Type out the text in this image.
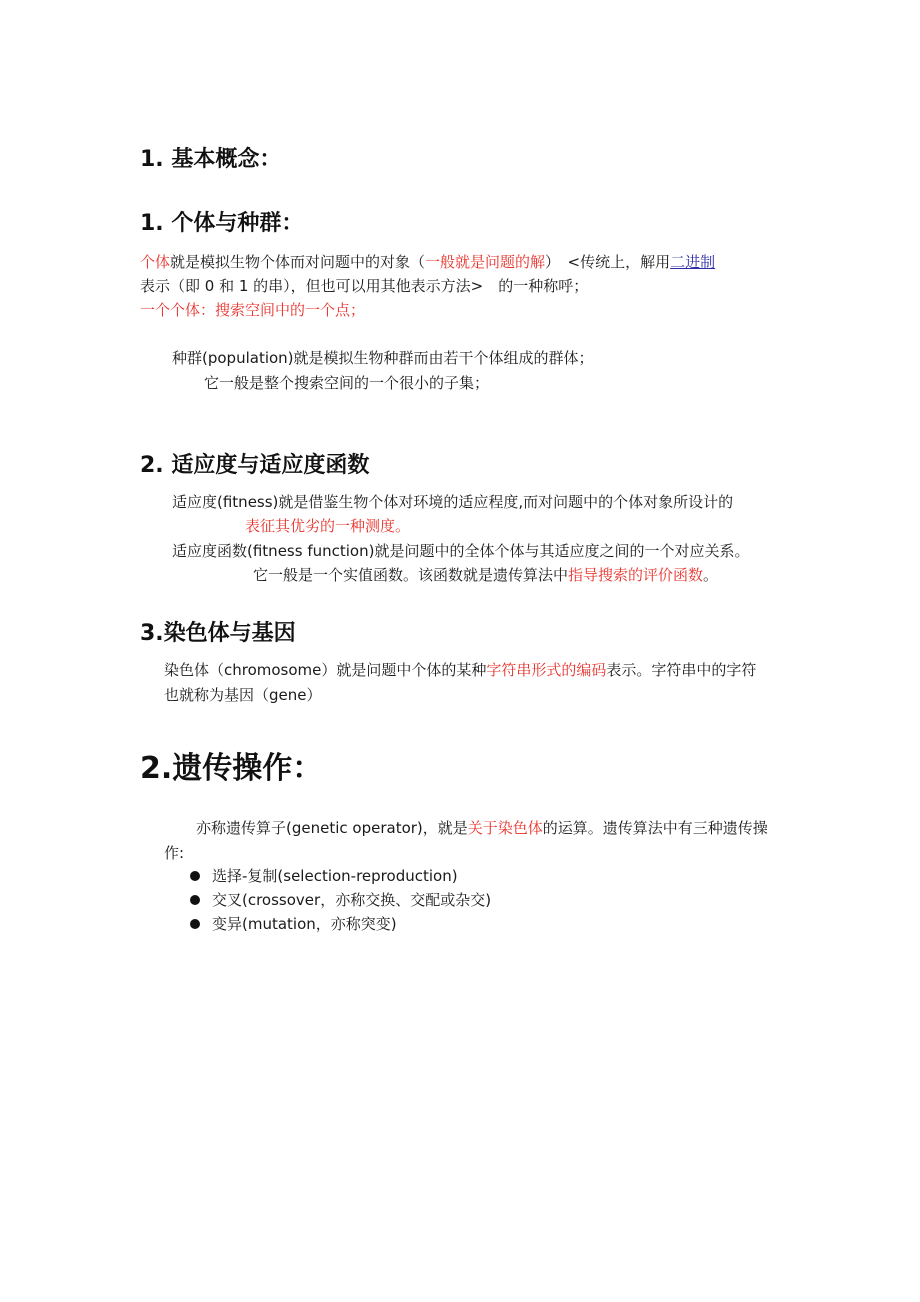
1. 基本概念：
1. 个体与种群：
个体就是模拟生物个体而对问题中的对象（一般就是问题的解）　<传统上，解用二进制
表示（即 0 和 1 的串），但也可以用其他表示方法>　的一种称呼；
一个个体：搜索空间中的一个点；
种群(population)就是模拟生物种群而由若干个体组成的群体；
它一般是整个搜索空间的一个很小的子集；
2. 适应度与适应度函数
适应度(fitness)就是借鉴生物个体对环境的适应程度,而对问题中的个体对象所设计的
表征其优劣的一种测度。
适应度函数(fitness function)就是问题中的全体个体与其适应度之间的一个对应关系。
它一般是一个实值函数。该函数就是遗传算法中指导搜索的评价函数。
3.染色体与基因
染色体（chromosome）就是问题中个体的某种字符串形式的编码表示。字符串中的字符
也就称为基因（gene）
2.遗传操作：
亦称遗传算子(genetic operator)，就是关于染色体的运算。遗传算法中有三种遗传操
作:
选择-复制(selection-reproduction)
交叉(crossover，亦称交换、交配或杂交)
变异(mutation，亦称突变)
